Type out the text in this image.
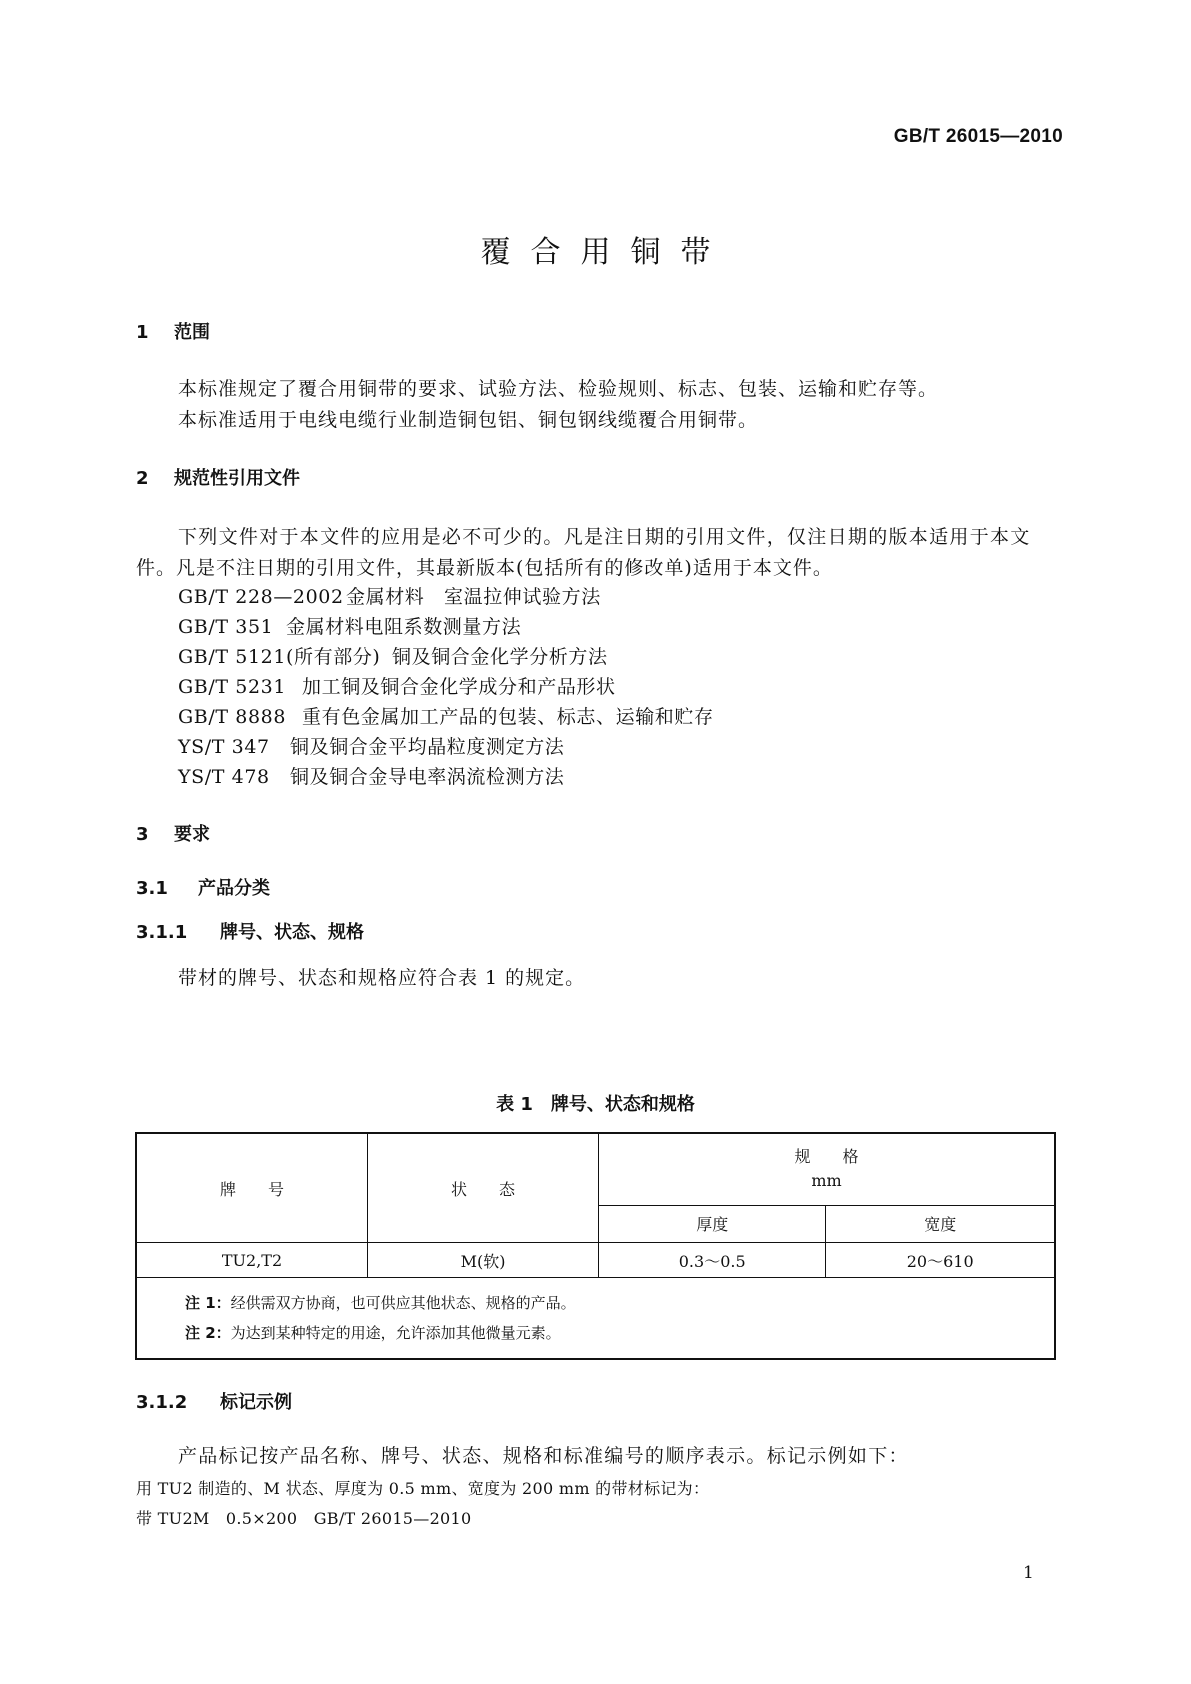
GB/T 26015—2010
覆合用铜带
1 范围
本标准规定了覆合用铜带的要求、试验方法、检验规则、标志、包装、运输和贮存等。
本标准适用于电线电缆行业制造铜包铝、铜包钢线缆覆合用铜带。
2 规范性引用文件
下列文件对于本文件的应用是必不可少的。凡是注日期的引用文件，仅注日期的版本适用于本文
件。凡是不注日期的引用文件，其最新版本(包括所有的修改单)适用于本文件。
GB/T 228—2002 金属材料　室温拉伸试验方法
GB/T 351 金属材料电阻系数测量方法
GB/T 5121(所有部分) 铜及铜合金化学分析方法
GB/T 5231 加工铜及铜合金化学成分和产品形状
GB/T 8888 重有色金属加工产品的包装、标志、运输和贮存
YS/T 347 铜及铜合金平均晶粒度测定方法
YS/T 478 铜及铜合金导电率涡流检测方法
3 要求
3.1 产品分类
3.1.1 牌号、状态、规格
带材的牌号、状态和规格应符合表 1 的规定。
表 1　牌号、状态和规格
牌　　号	状　　态	规　　格
mm	

		厚度	宽度
TU2,T2	M(软)	0.3～0.5	20～610

注 1：经供需双方协商，也可供应其他状态、规格的产品。
注 2：为达到某种特定的用途，允许添加其他微量元素。			
3.1.2 标记示例
产品标记按产品名称、牌号、状态、规格和标准编号的顺序表示。标记示例如下：
用 TU2 制造的、M 状态、厚度为 0.5 mm、宽度为 200 mm 的带材标记为：
带 TU2M　0.5×200　GB/T 26015—2010
1
